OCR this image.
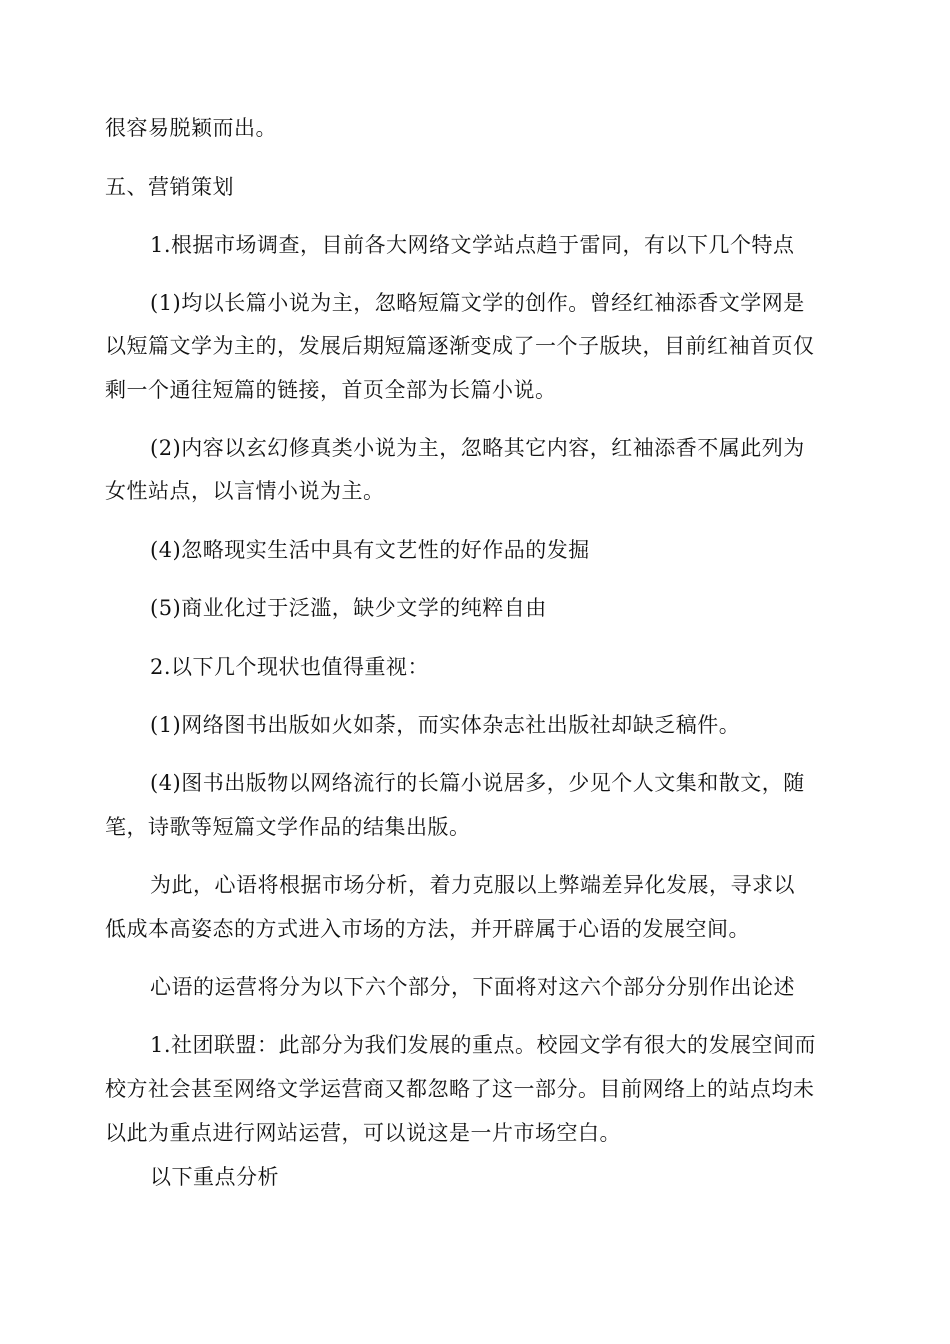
很容易脱颖而出。
五、营销策划
1.根据市场调查，目前各大网络文学站点趋于雷同，有以下几个特点
(1)均以长篇小说为主，忽略短篇文学的创作。曾经红袖添香文学网是
以短篇文学为主的，发展后期短篇逐渐变成了一个子版块，目前红袖首页仅
剩一个通往短篇的链接，首页全部为长篇小说。
(2)内容以玄幻修真类小说为主，忽略其它内容，红袖添香不属此列为
女性站点，以言情小说为主。
(4)忽略现实生活中具有文艺性的好作品的发掘
(5)商业化过于泛滥，缺少文学的纯粹自由
2.以下几个现状也值得重视：
(1)网络图书出版如火如荼，而实体杂志社出版社却缺乏稿件。
(4)图书出版物以网络流行的长篇小说居多，少见个人文集和散文，随
笔，诗歌等短篇文学作品的结集出版。
为此，心语将根据市场分析，着力克服以上弊端差异化发展，寻求以
低成本高姿态的方式进入市场的方法，并开辟属于心语的发展空间。
心语的运营将分为以下六个部分，下面将对这六个部分分别作出论述
1.社团联盟：此部分为我们发展的重点。校园文学有很大的发展空间而
校方社会甚至网络文学运营商又都忽略了这一部分。目前网络上的站点均未
以此为重点进行网站运营，可以说这是一片市场空白。
以下重点分析
